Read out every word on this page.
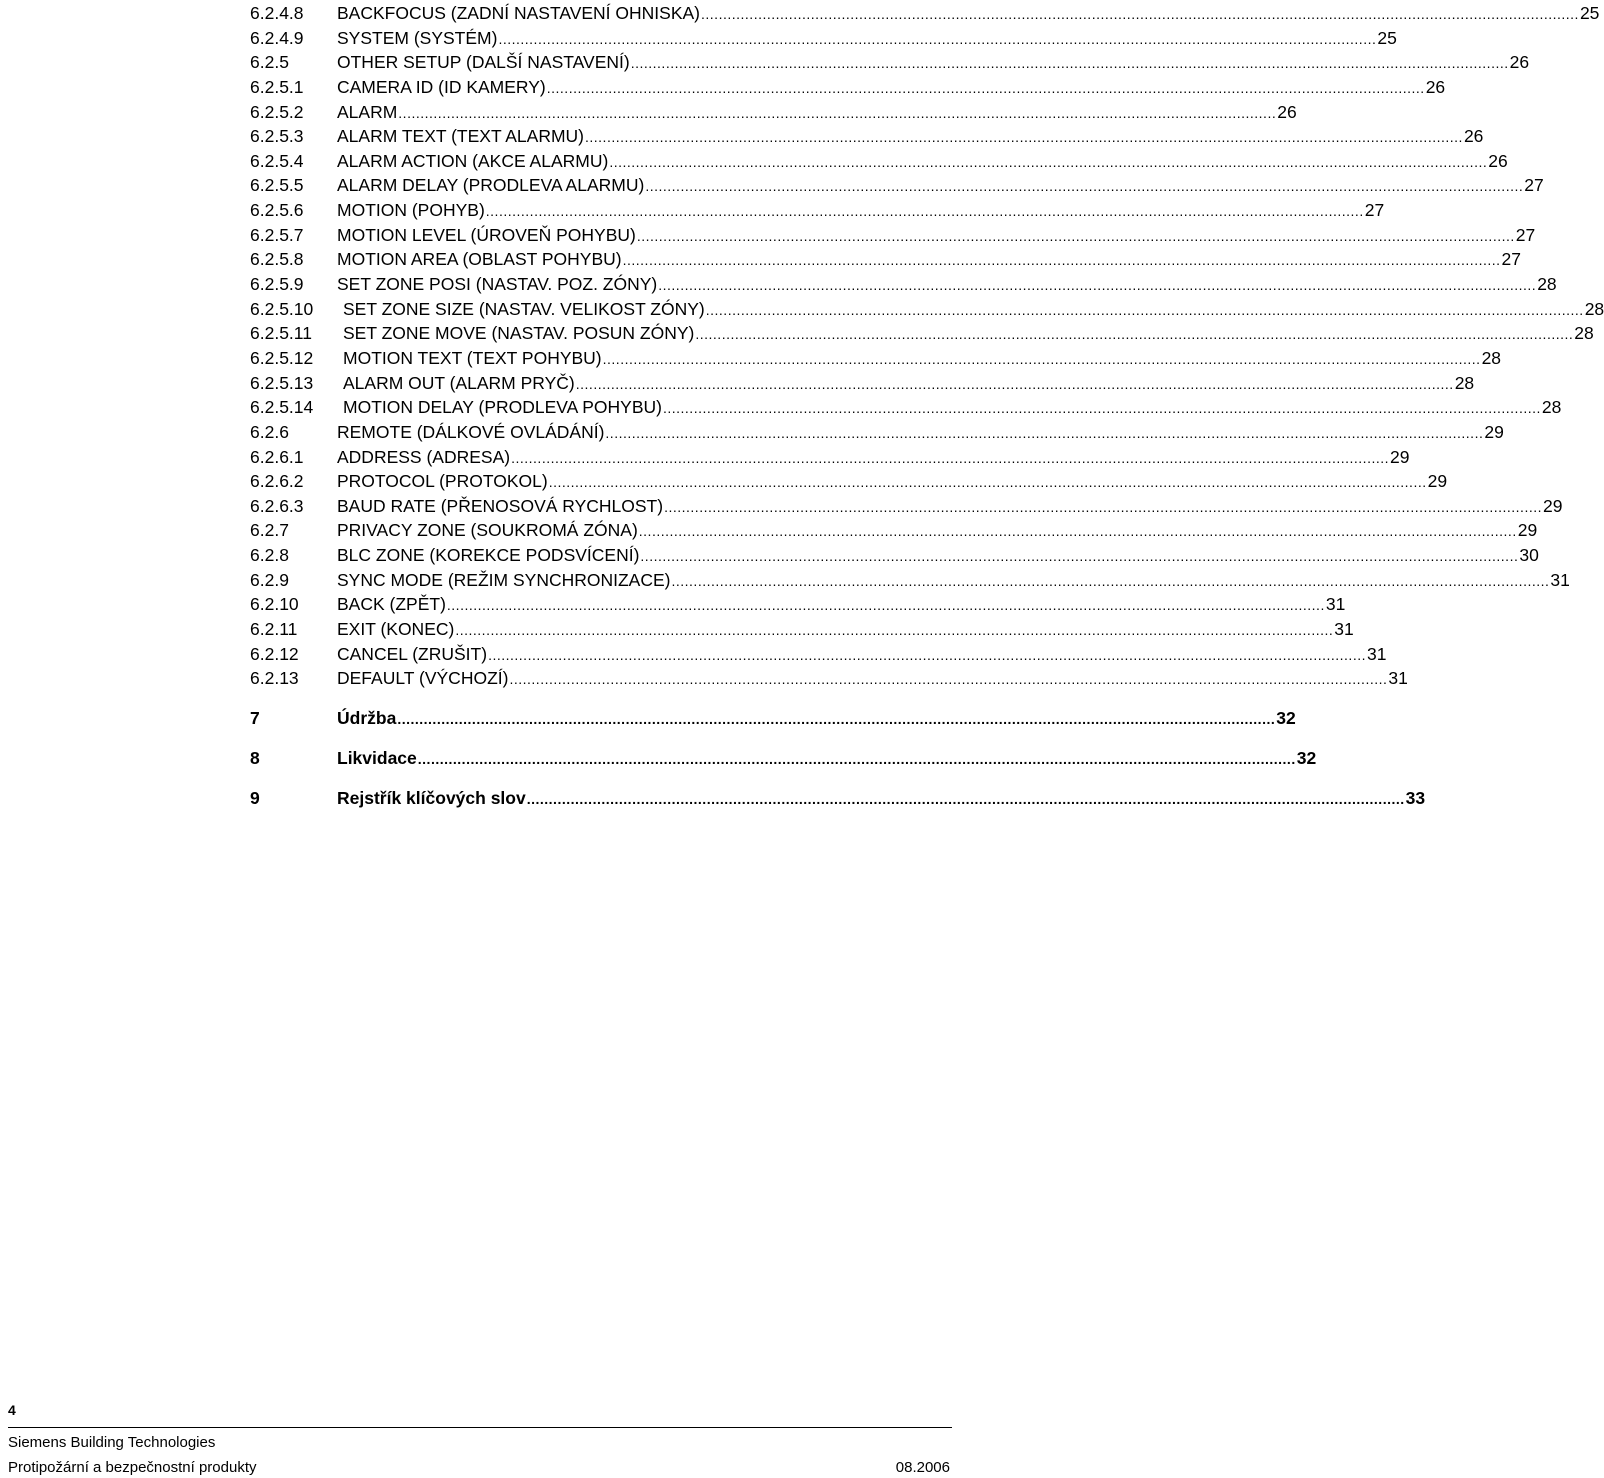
6.2.4.8	BACKFOCUS (ZADNÍ NASTAVENÍ OHNISKA) .....	25
6.2.4.9	SYSTEM (SYSTÉM) .....	25
6.2.5	OTHER SETUP (DALŠÍ NASTAVENÍ) .....	26
6.2.5.1	CAMERA ID (ID KAMERY) .....	26
6.2.5.2	ALARM .....	26
6.2.5.3	ALARM TEXT (TEXT ALARMU) .....	26
6.2.5.4	ALARM ACTION (AKCE ALARMU) .....	26
6.2.5.5	ALARM DELAY (PRODLEVA ALARMU) .....	27
6.2.5.6	MOTION (POHYB) .....	27
6.2.5.7	MOTION LEVEL (ÚROVEŇ POHYBU) .....	27
6.2.5.8	MOTION AREA (OBLAST POHYBU) .....	27
6.2.5.9	SET ZONE POSI (NASTAV. POZ. ZÓNY) .....	28
6.2.5.10	SET ZONE SIZE (NASTAV. VELIKOST ZÓNY) .....	28
6.2.5.11	SET ZONE MOVE (NASTAV. POSUN ZÓNY) .....	28
6.2.5.12	MOTION TEXT (TEXT POHYBU) .....	28
6.2.5.13	ALARM OUT (ALARM PRYČ) .....	28
6.2.5.14	MOTION DELAY (PRODLEVA POHYBU) .....	28
6.2.6	REMOTE (DÁLKOVÉ OVLÁDÁNÍ) .....	29
6.2.6.1	ADDRESS (ADRESA) .....	29
6.2.6.2	PROTOCOL (PROTOKOL) .....	29
6.2.6.3	BAUD RATE (PŘENOSOVÁ RYCHLOST) .....	29
6.2.7	PRIVACY ZONE (SOUKROMÁ ZÓNA) .....	29
6.2.8	BLC ZONE (KOREKCE PODSVÍCENÍ) .....	30
6.2.9	SYNC MODE (REŽIM SYNCHRONIZACE) .....	31
6.2.10	BACK (ZPĚT) .....	31
6.2.11	EXIT (KONEC) .....	31
6.2.12	CANCEL (ZRUŠIT) .....	31
6.2.13	DEFAULT (VÝCHOZÍ) .....	31
7	Údržba .....	32
8	Likvidace .....	32
9	Rejstřík klíčových slov .....	33
4
Siemens Building Technologies
Protipožární a bezpečnostní produkty	08.2006
